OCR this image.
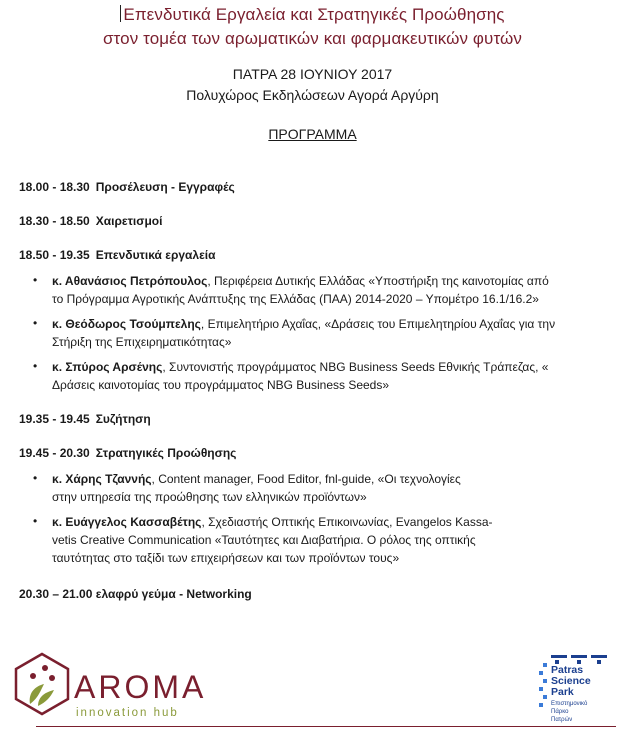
Επενδυτικά Εργαλεία και Στρατηγικές Προώθησης
στον τομέα των αρωματικών και φαρμακευτικών φυτών
ΠΑΤΡΑ 28 ΙΟΥΝΙΟΥ 2017
Πολυχώρος Εκδηλώσεων Αγορά Αργύρη
ΠΡΟΓΡΑΜΜΑ
18.00 - 18.30 Προσέλευση - Εγγραφές
18.30 - 18.50 Χαιρετισμοί
18.50 - 19.35 Επενδυτικά εργαλεία
• κ. Αθανάσιος Πετρόπουλος, Περιφέρεια Δυτικής Ελλάδας «Υποστήριξη της καινοτομίας από
το Πρόγραμμα Αγροτικής Ανάπτυξης της Ελλάδας (ΠΑΑ) 2014-2020 – Υπομέτρο 16.1/16.2»
• κ. Θεόδωρος Τσούμπελης, Επιμελητήριο Αχαΐας, «Δράσεις του Επιμελητηρίου Αχαΐας για την
Στήριξη της Επιχειρηματικότητας»
• κ. Σπύρος Αρσένης, Συντονιστής προγράμματος NBG Business Seeds Εθνικής Τράπεζας, «
Δράσεις καινοτομίας του προγράμματος NBG Business Seeds»
19.35 - 19.45 Συζήτηση
19.45 - 20.30 Στρατηγικές Προώθησης
• κ. Χάρης Τζαννής, Content manager, Food Editor, fnl-guide, «Οι τεχνολογίες
στην υπηρεσία της προώθησης των ελληνικών προϊόντων»
• κ. Ευάγγελος Κασσαβέτης, Σχεδιαστής Οπτικής Επικοινωνίας, Evangelos Kassa-
vetis Creative Communication «Ταυτότητες και Διαβατήρια. Ο ρόλος της οπτικής
ταυτότητας στο ταξίδι των επιχειρήσεων και των προϊόντων τους»
20.30 – 21.00 ελαφρύ γεύμα - Networking
AROMA
innovation hub
Patras
Science
Park
Επιστημονικό
Πάρκο
Πατρών
